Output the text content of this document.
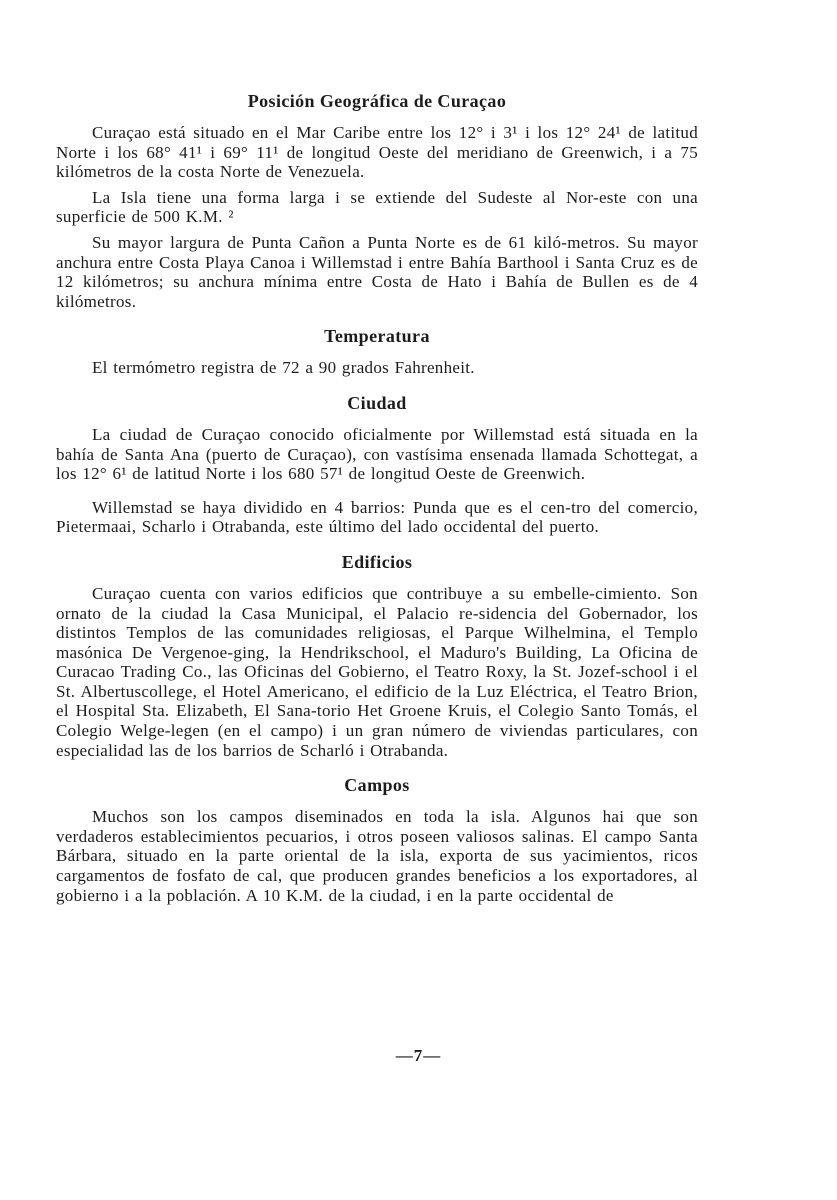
Posición Geográfica de Curaçao

Curaçao está situado en el Mar Caribe entre los 12° i 3¹ i los 12° 24¹ de latitud Norte i los 68° 41¹ i 69° 11¹ de longitud Oeste del meridiano de Greenwich, i a 75 kilómetros de la costa Norte de Venezuela.

La Isla tiene una forma larga i se extiende del Sudeste al Nor-este con una superficie de 500 K.M. ²

Su mayor largura de Punta Cañon a Punta Norte es de 61 kiló-metros. Su mayor anchura entre Costa Playa Canoa i Willemstad i entre Bahía Barthool i Santa Cruz es de 12 kilómetros; su anchura mínima entre Costa de Hato i Bahía de Bullen es de 4 kilómetros.

Temperatura

El termómetro registra de 72 a 90 grados Fahrenheit.

Ciudad

La ciudad de Curaçao conocido oficialmente por Willemstad está situada en la bahía de Santa Ana (puerto de Curaçao), con vastísima ensenada llamada Schottegat, a los 12° 6¹ de latitud Norte i los 680 57¹ de longitud Oeste de Greenwich.

Willemstad se haya dividido en 4 barrios: Punda que es el cen-tro del comercio, Pietermaai, Scharlo i Otrabanda, este último del lado occidental del puerto.

Edificios

Curaçao cuenta con varios edificios que contribuye a su embelle-cimiento. Son ornato de la ciudad la Casa Municipal, el Palacio re-sidencia del Gobernador, los distintos Templos de las comunidades religiosas, el Parque Wilhelmina, el Templo masónica De Vergenoe-ging, la Hendrikschool, el Maduro's Building, La Oficina de Curacao Trading Co., las Oficinas del Gobierno, el Teatro Roxy, la St. Jozef-school i el St. Albertuscollege, el Hotel Americano, el edificio de la Luz Eléctrica, el Teatro Brion, el Hospital Sta. Elizabeth, El Sana-torio Het Groene Kruis, el Colegio Santo Tomás, el Colegio Welge-legen (en el campo) i un gran número de viviendas particulares, con especialidad las de los barrios de Scharló i Otrabanda.

Campos

Muchos son los campos diseminados en toda la isla. Algunos hai que son verdaderos establecimientos pecuarios, i otros poseen valiosos salinas. El campo Santa Bárbara, situado en la parte oriental de la isla, exporta de sus yacimientos, ricos cargamentos de fosfato de cal, que producen grandes beneficios a los exportadores, al gobierno i a la población. A 10 K.M. de la ciudad, i en la parte occidental de

—7—
